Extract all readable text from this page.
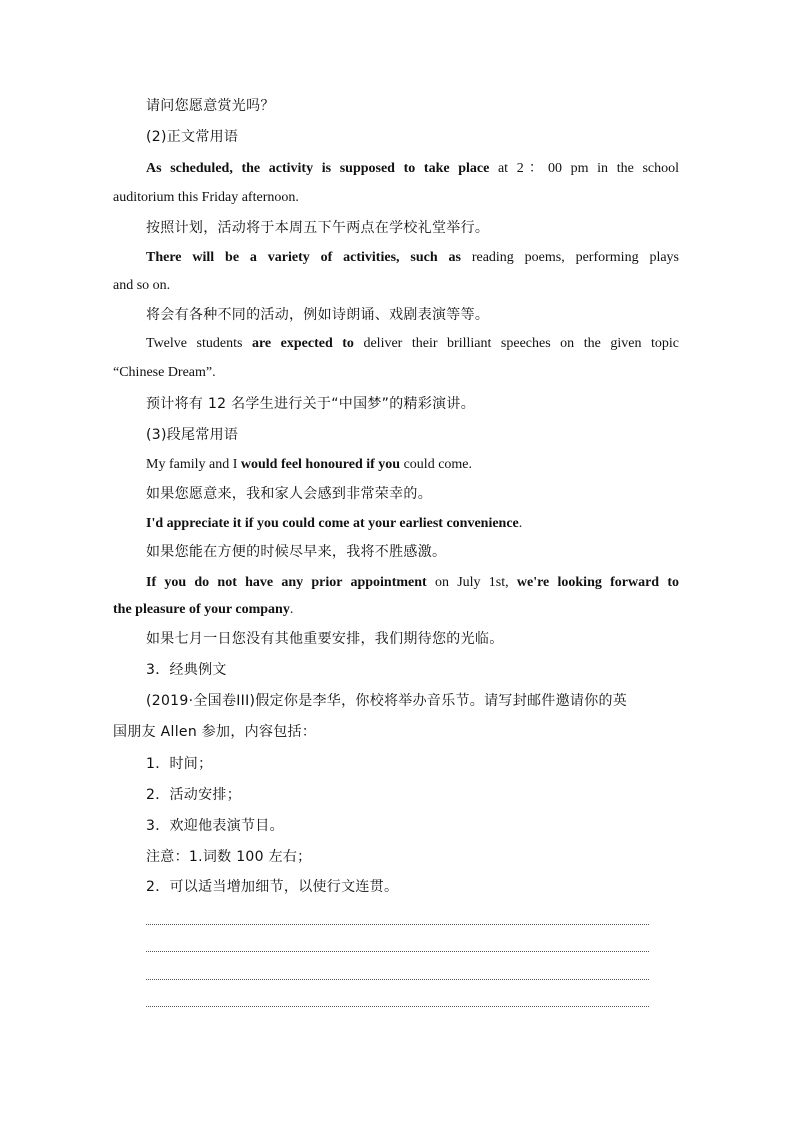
请问您愿意赏光吗？
(2)正文常用语
As scheduled, the activity is supposed to take place at 2：00 pm in the school
auditorium this Friday afternoon.
按照计划，活动将于本周五下午两点在学校礼堂举行。
There will be a variety of activities, such as reading poems, performing plays
and so on.
将会有各种不同的活动，例如诗朗诵、戏剧表演等等。
Twelve students are expected to deliver their brilliant speeches on the given topic
“Chinese Dream”.
预计将有 12 名学生进行关于“中国梦”的精彩演讲。
(3)段尾常用语
My family and I would feel honoured if you could come.
如果您愿意来，我和家人会感到非常荣幸的。
I'd appreciate it if you could come at your earliest convenience.
如果您能在方便的时候尽早来，我将不胜感激。
If you do not have any prior appointment on July 1st, we're looking forward to
the pleasure of your company.
如果七月一日您没有其他重要安排，我们期待您的光临。
3．经典例文
(2019·全国卷III)假定你是李华，你校将举办音乐节。请写封邮件邀请你的英
国朋友 Allen 参加，内容包括：
1．时间；
2．活动安排；
3．欢迎他表演节目。
注意：1.词数 100 左右；
2．可以适当增加细节，以使行文连贯。
